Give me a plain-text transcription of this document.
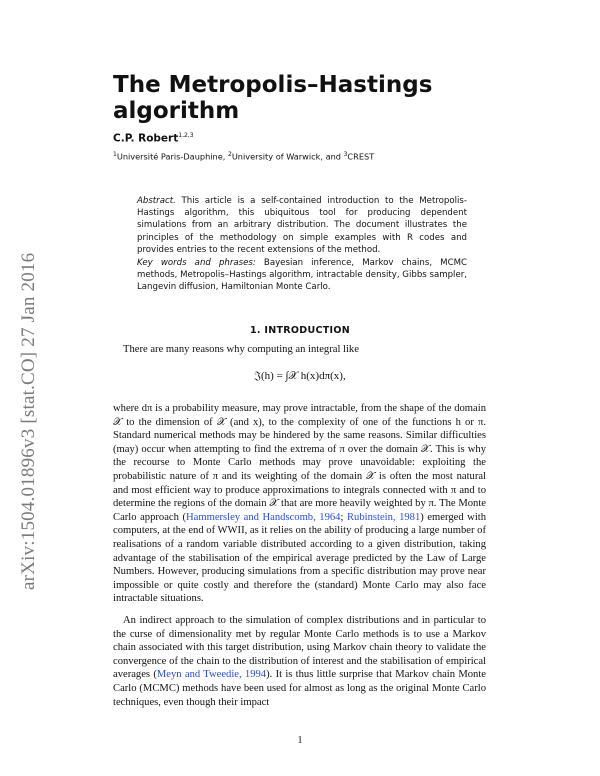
arXiv:1504.01896v3 [stat.CO] 27 Jan 2016
The Metropolis–Hastings algorithm
C.P. Robert$^{1,2,3}$
$^1$Université Paris-Dauphine, $^2$University of Warwick, and $^3$CREST

Abstract. This article is a self-contained introduction to the Metropolis-Hastings algorithm, this ubiquitous tool for producing dependent simulations from an arbitrary distribution. The document illustrates the principles of the methodology on simple examples with R codes and provides entries to the recent extensions of the method.

Key words and phrases: Bayesian inference, Markov chains, MCMC methods, Metropolis–Hastings algorithm, intractable density, Gibbs sampler, Langevin diffusion, Hamiltonian Monte Carlo.

1. INTRODUCTION

There are many reasons why computing an integral like

𝔍(h) = ∫𝒳 h(x)dπ(x),

where dπ is a probability measure, may prove intractable, from the shape of the domain 𝒳 to the dimension of 𝒳 (and x), to the complexity of one of the functions h or π. Standard numerical methods may be hindered by the same reasons. Similar difficulties (may) occur when attempting to find the extrema of π over the domain 𝒳. This is why the recourse to Monte Carlo methods may prove unavoidable: exploiting the probabilistic nature of π and its weighting of the domain 𝒳 is often the most natural and most efficient way to produce approximations to integrals connected with π and to determine the regions of the domain 𝒳 that are more heavily weighted by π. The Monte Carlo approach (Hammersley and Handscomb, 1964; Rubinstein, 1981) emerged with computers, at the end of WWII, as it relies on the ability of producing a large number of realisations of a random variable distributed according to a given distribution, taking advantage of the stabilisation of the empirical average predicted by the Law of Large Numbers. However, producing simulations from a specific distribution may prove near impossible or quite costly and therefore the (standard) Monte Carlo may also face intractable situations.

An indirect approach to the simulation of complex distributions and in particular to the curse of dimensionality met by regular Monte Carlo methods is to use a Markov chain associated with this target distribution, using Markov chain theory to validate the convergence of the chain to the distribution of interest and the stabilisation of empirical averages (Meyn and Tweedie, 1994). It is thus little surprise that Markov chain Monte Carlo (MCMC) methods have been used for almost as long as the original Monte Carlo techniques, even though their impact

1
